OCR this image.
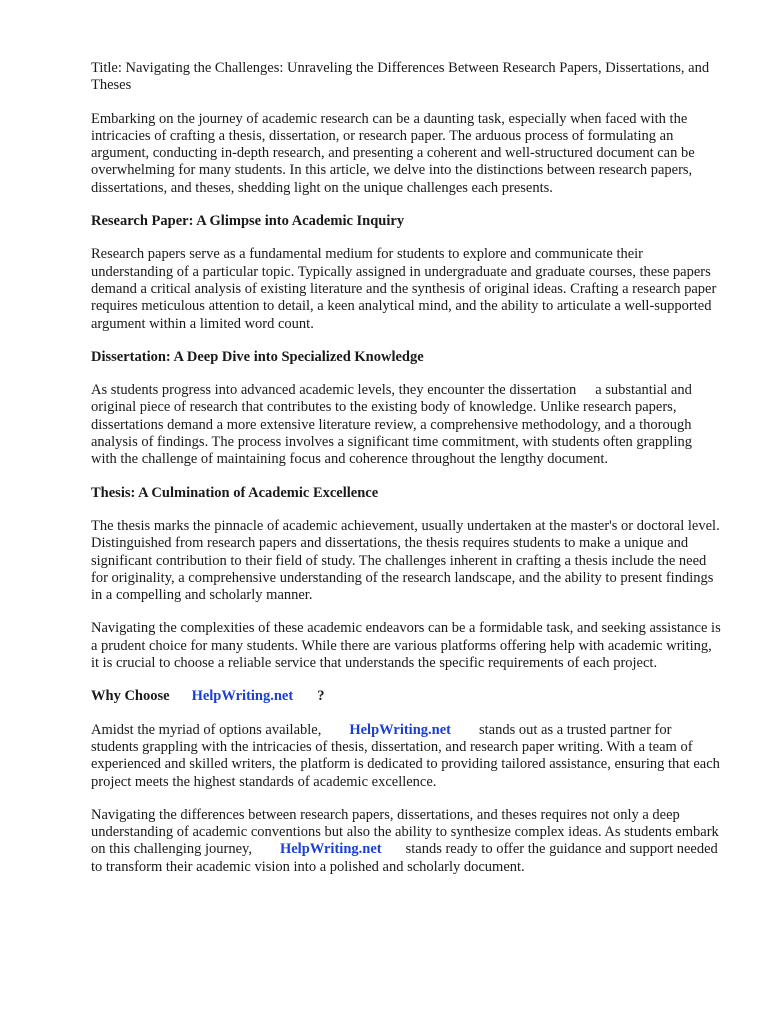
Title: Navigating the Challenges: Unraveling the Differences Between Research Papers, Dissertations, and Theses

Embarking on the journey of academic research can be a daunting task, especially when faced with the intricacies of crafting a thesis, dissertation, or research paper. The arduous process of formulating an argument, conducting in-depth research, and presenting a coherent and well-structured document can be overwhelming for many students. In this article, we delve into the distinctions between research papers, dissertations, and theses, shedding light on the unique challenges each presents.

Research Paper: A Glimpse into Academic Inquiry

Research papers serve as a fundamental medium for students to explore and communicate their understanding of a particular topic. Typically assigned in undergraduate and graduate courses, these papers demand a critical analysis of existing literature and the synthesis of original ideas. Crafting a research paper requires meticulous attention to detail, a keen analytical mind, and the ability to articulate a well-supported argument within a limited word count.

Dissertation: A Deep Dive into Specialized Knowledge

As students progress into advanced academic levels, they encounter the dissertation a substantial and original piece of research that contributes to the existing body of knowledge. Unlike research papers, dissertations demand a more extensive literature review, a comprehensive methodology, and a thorough analysis of findings. The process involves a significant time commitment, with students often grappling with the challenge of maintaining focus and coherence throughout the lengthy document.

Thesis: A Culmination of Academic Excellence

The thesis marks the pinnacle of academic achievement, usually undertaken at the master's or doctoral level. Distinguished from research papers and dissertations, the thesis requires students to make a unique and significant contribution to their field of study. The challenges inherent in crafting a thesis include the need for originality, a comprehensive understanding of the research landscape, and the ability to present findings in a compelling and scholarly manner.

Navigating the complexities of these academic endeavors can be a formidable task, and seeking assistance is a prudent choice for many students. While there are various platforms offering help with academic writing, it is crucial to choose a reliable service that understands the specific requirements of each project.

Why Choose HelpWriting.net ?

Amidst the myriad of options available, HelpWriting.net stands out as a trusted partner for students grappling with the intricacies of thesis, dissertation, and research paper writing. With a team of experienced and skilled writers, the platform is dedicated to providing tailored assistance, ensuring that each project meets the highest standards of academic excellence.

Navigating the differences between research papers, dissertations, and theses requires not only a deep understanding of academic conventions but also the ability to synthesize complex ideas. As students embark on this challenging journey, HelpWriting.net stands ready to offer the guidance and support needed to transform their academic vision into a polished and scholarly document.
